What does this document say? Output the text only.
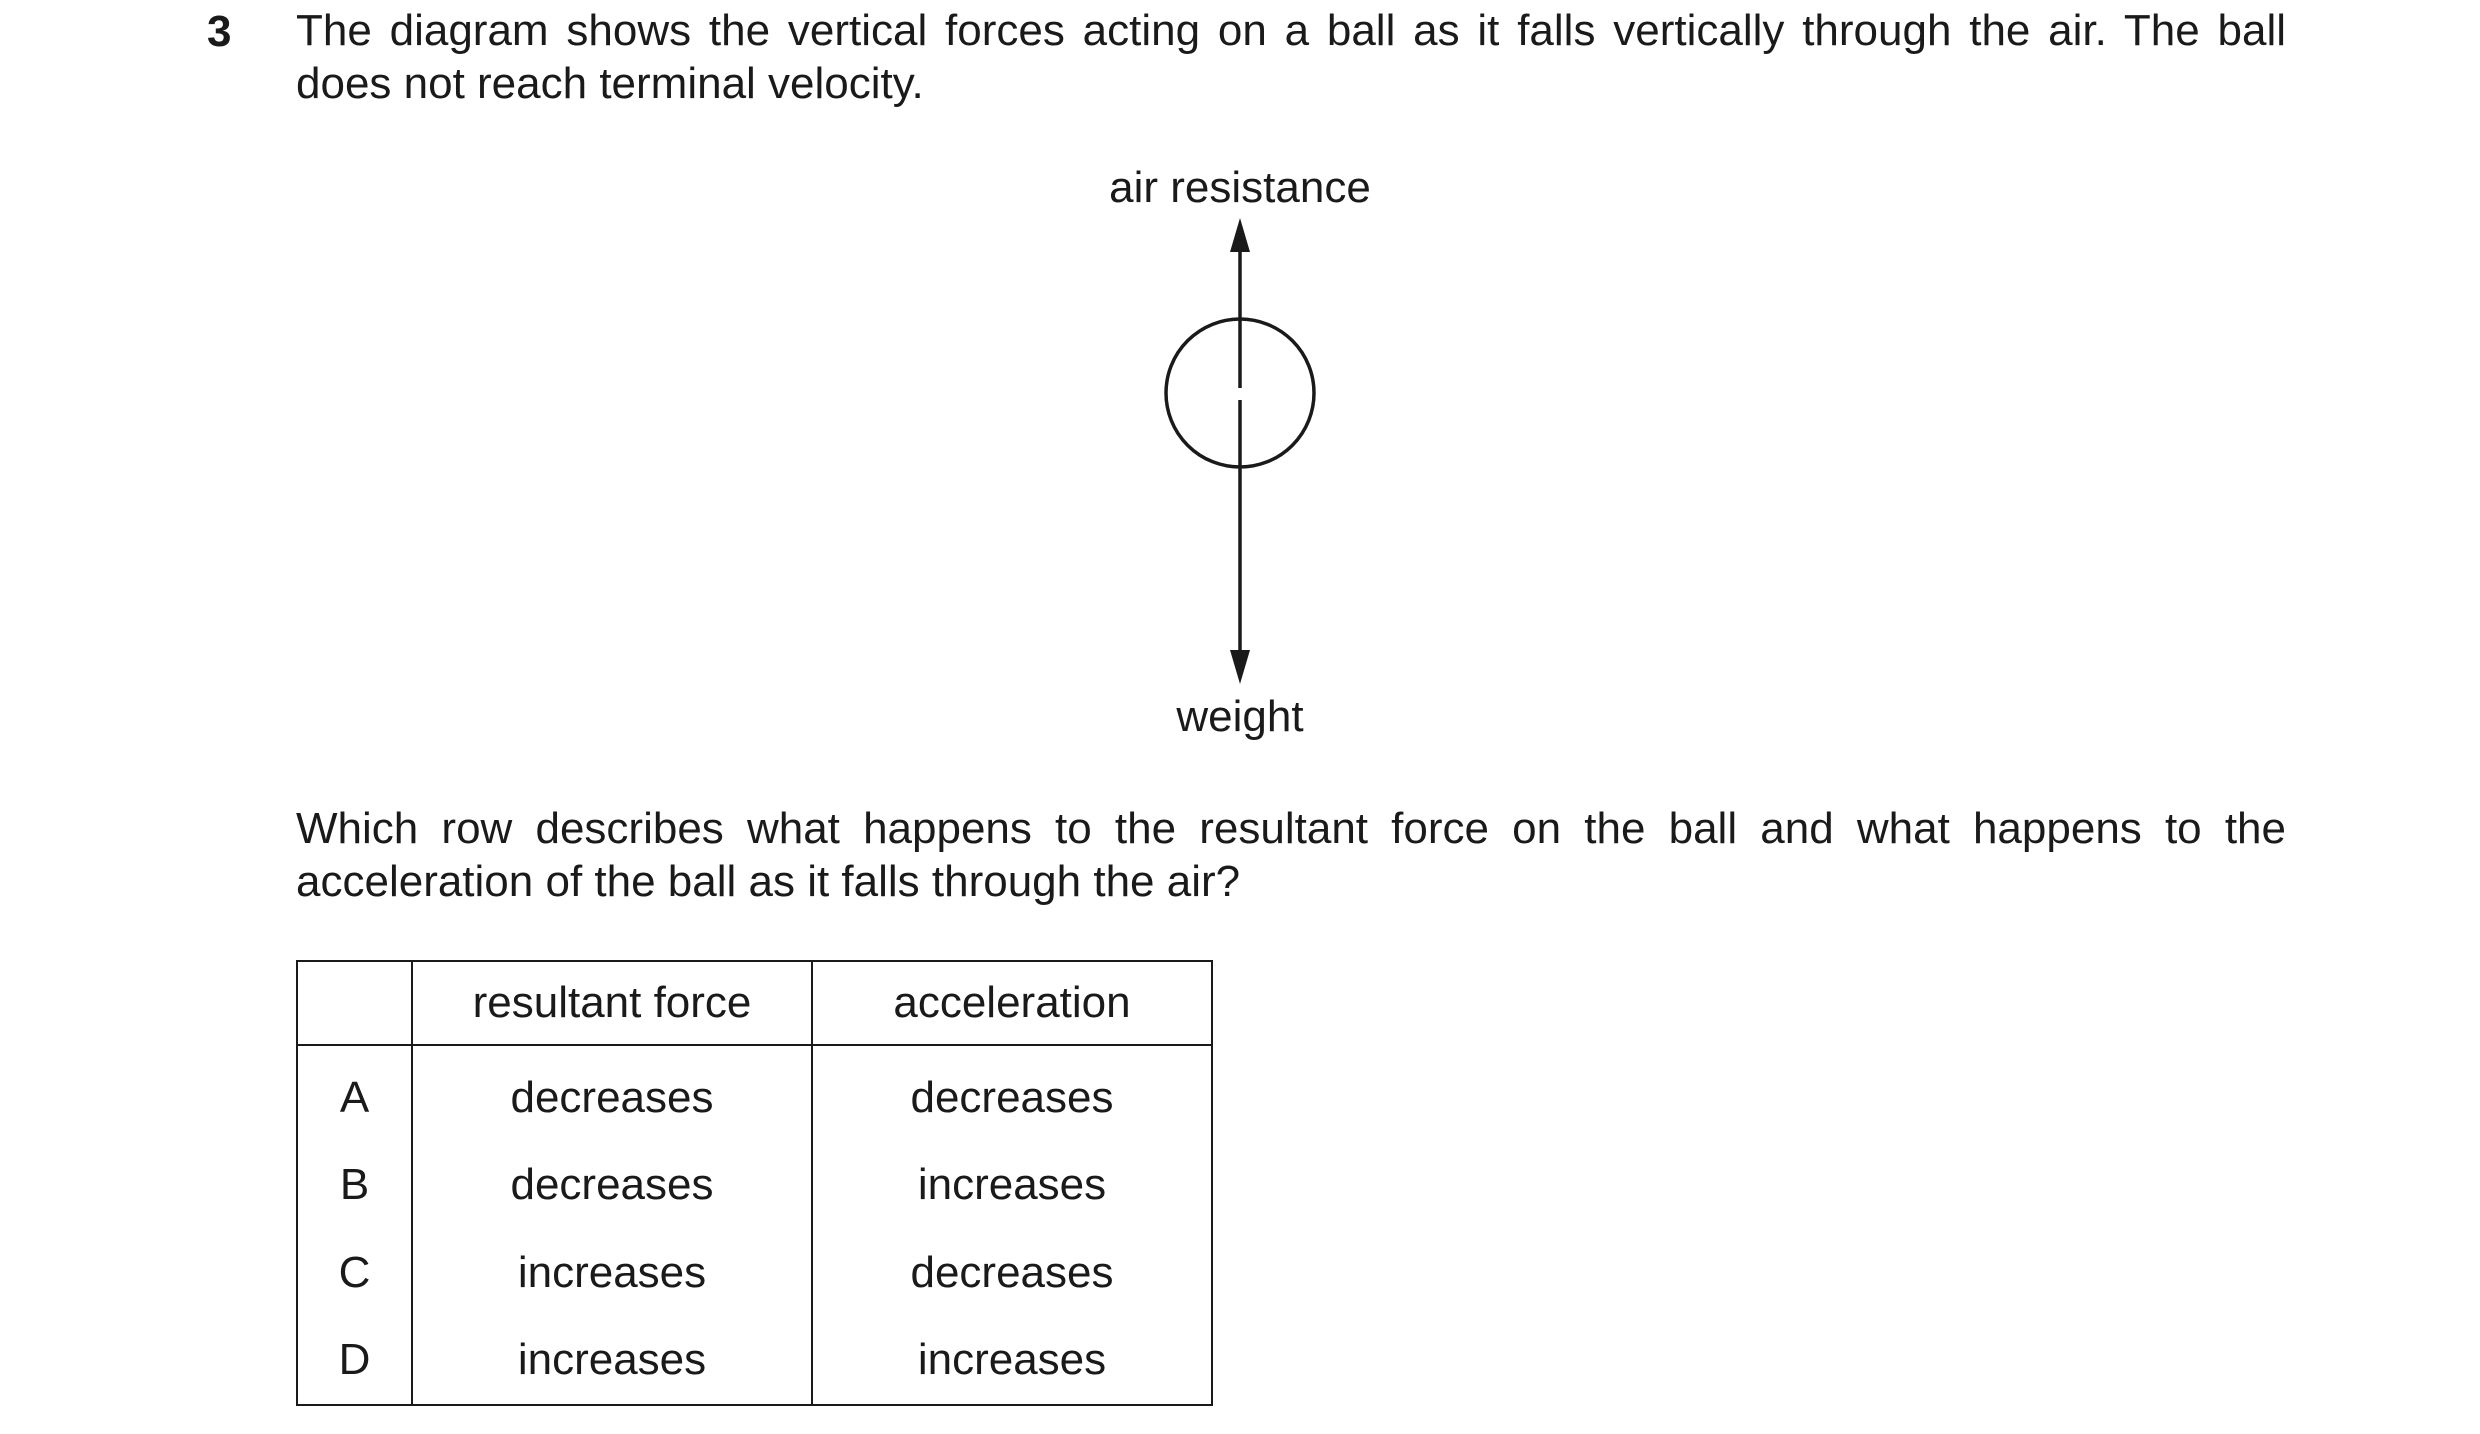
3 The diagram shows the vertical forces acting on a ball as it falls vertically through the air. The ball does not reach terminal velocity.
air resistance
weight
Which row describes what happens to the resultant force on the ball and what happens to the acceleration of the ball as it falls through the air?
	resultant force	acceleration
A	decreases	decreases
B	decreases	increases
C	increases	decreases
D	increases	increases
